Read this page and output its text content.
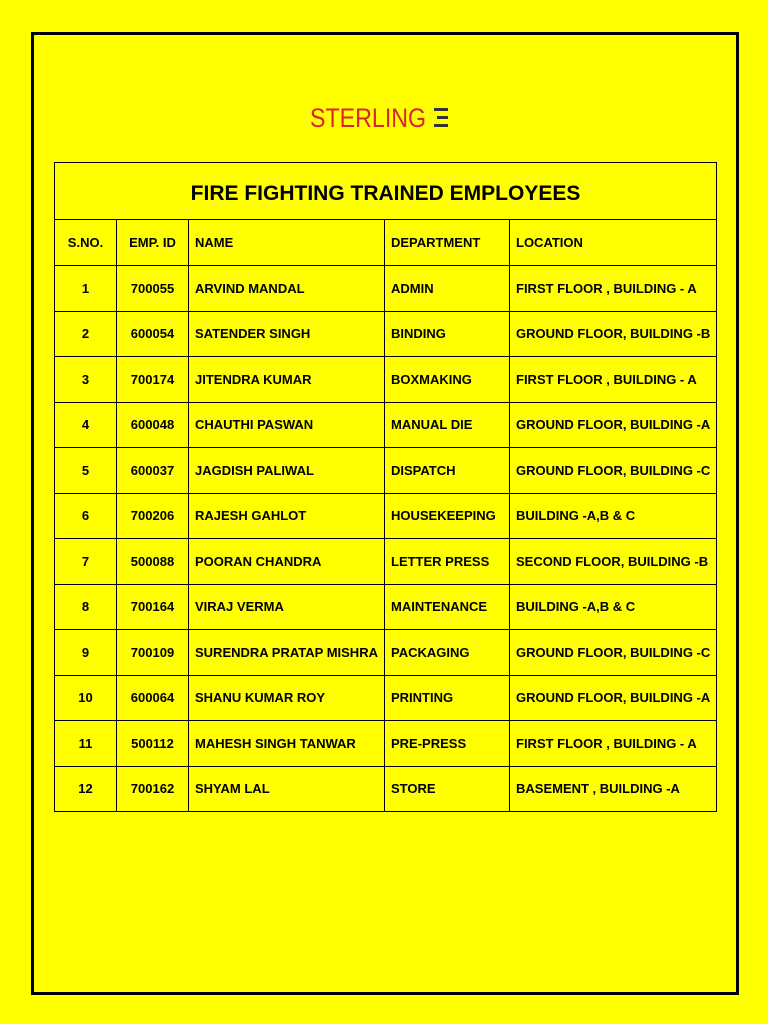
STERLING
FIRE FIGHTING TRAINED EMPLOYEES				
S.NO.	EMP. ID	NAME	DEPARTMENT	LOCATION
1	700055	ARVIND MANDAL	ADMIN	FIRST FLOOR , BUILDING - A
2	600054	SATENDER SINGH	BINDING	GROUND FLOOR, BUILDING -B
3	700174	JITENDRA KUMAR	BOXMAKING	FIRST FLOOR , BUILDING - A
4	600048	CHAUTHI PASWAN	MANUAL DIE	GROUND FLOOR, BUILDING -A
5	600037	JAGDISH PALIWAL	DISPATCH	GROUND FLOOR, BUILDING -C
6	700206	RAJESH GAHLOT	HOUSEKEEPING	BUILDING -A,B & C
7	500088	POORAN CHANDRA	LETTER PRESS	SECOND FLOOR, BUILDING -B
8	700164	VIRAJ VERMA	MAINTENANCE	BUILDING -A,B & C
9	700109	SURENDRA PRATAP MISHRA	PACKAGING	GROUND FLOOR, BUILDING -C
10	600064	SHANU KUMAR ROY	PRINTING	GROUND FLOOR, BUILDING -A
11	500112	MAHESH SINGH TANWAR	PRE-PRESS	FIRST FLOOR , BUILDING - A
12	700162	SHYAM LAL	STORE	BASEMENT , BUILDING -A
